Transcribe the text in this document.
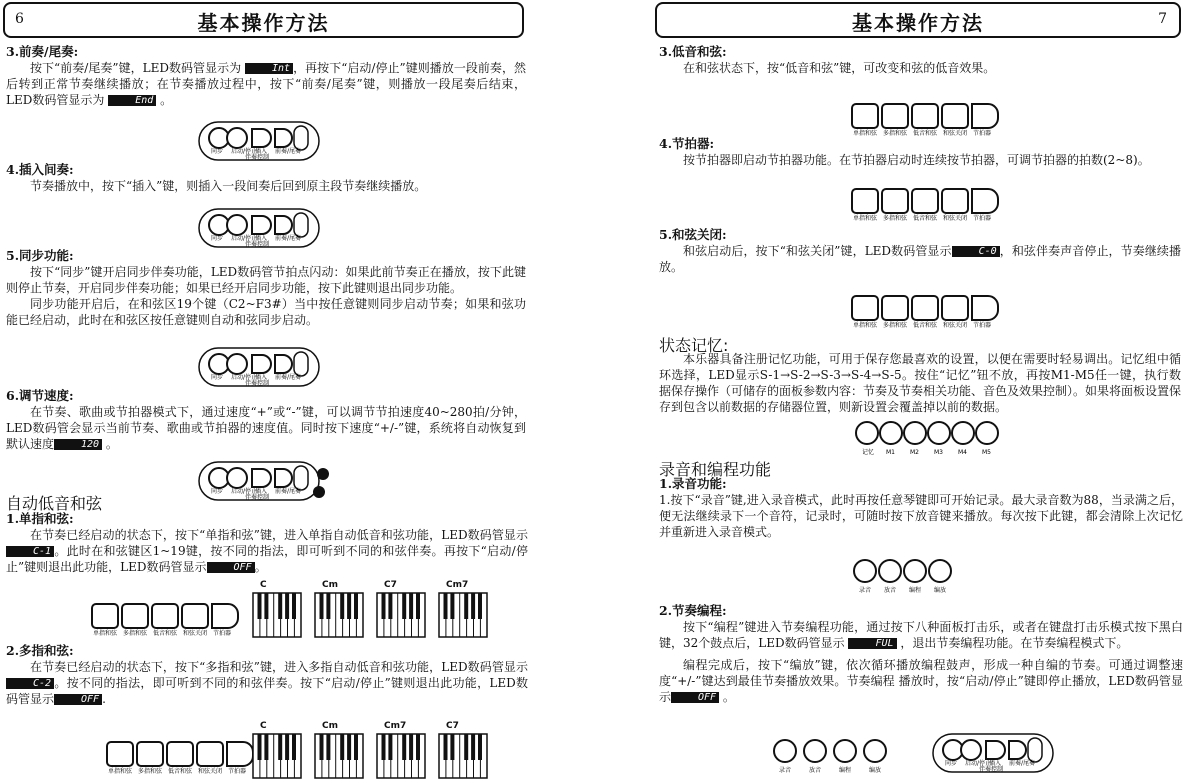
6	基本操作方法
3.前奏/尾奏:

按下“前奏/尾奏”键，LED数码管显示为	Int ，再按下“启动/停止”键则播放一段前奏，然后转到正常节奏继续播放；在节奏播放过程中，按下“前奏/尾奏”键，则播放一段尾奏后结束，LED数码管显示为	End 。

同步 启动/停止
插入 前奏/尾奏
伴奏控制
4.插入间奏:

节奏播放中，按下“插入”键，则插入一段间奏后回到原主段节奏继续播放。

同步 启动/停止
插入 前奏/尾奏
伴奏控制
5.同步功能:

按下“同步”键开启同步伴奏功能，LED数码管节拍点闪动：如果此前节奏正在播放，按下此键则停止节奏，开启同步伴奏功能；如果已经开启同步功能，按下此键则退出同步功能。

同步功能开启后，在和弦区19个键（C2~F3#）当中按任意键则同步启动节奏；如果和弦功能已经启动，此时在和弦区按任意键则自动和弦同步启动。

同步 启动/停止
插入 前奏/尾奏
伴奏控制
6.调节速度:

在节奏、歌曲或节拍器模式下，通过速度“+”或“-”键，可以调节节拍速度40~280拍/分钟，LED数码管会显示当前节奏、歌曲或节拍器的速度值。同时按下速度“+/-”键，系统将自动恢复到默认速度	120 。

同步 启动/停止
插入 前奏/尾奏
伴奏控制
自动低音和弦
1.单指和弦:

在节奏已经启动的状态下，按下“单指和弦”键，进入单指自动低音和弦功能，LED数码管显示C-1 。此时在和弦键区1~19键，按不同的指法，即可听到不同的和弦伴奏。再按下“启动/停止”键则退出此功能，LED数码管显示	OFF 。

单指和弦 多指和弦 低音和弦 和弦关闭 节拍器
C	Cm	C7	Cm7
2.多指和弦:

在节奏已经启动的状态下，按下“多指和弦”键，进入多指自动低音和弦功能，LED数码管显示C-2 。按不同的指法，即可听到不同的和弦伴奏。按下“启动/停止”键则退出此功能，LED数码管显示	OFF .

单指和弦 多指和弦 低音和弦 和弦关闭 节拍器
C	Cm	Cm7	C7
基本操作方法	7
3.低音和弦:

在和弦状态下，按“低音和弦”键，可改变和弦的低音效果。

单指和弦 多指和弦 低音和弦 和弦关闭 节拍器
4.节拍器:

按节拍器即启动节拍器功能。在节拍器启动时连续按节拍器，可调节拍器的拍数(2~8)。

单指和弦 多指和弦 低音和弦 和弦关闭 节拍器
5.和弦关闭:

和弦启动后，按下“和弦关闭”键，LED数码管显示	C-0 ，和弦伴奏声音停止，节奏继续播放。

单指和弦 多指和弦 低音和弦 和弦关闭 节拍器
状态记忆:

本乐器具备注册记忆功能，可用于保存您最喜欢的设置，以便在需要时轻易调出。记忆组中循环选择，LED显示S-1→S-2→S-3→S-4→S-5。按住“记忆”钮不放，再按M1-M5任一键，执行数据保存操作（可储存的面板参数内容：节奏及节奏相关功能、音色及效果控制）。如果将面板设置保存到包含以前数据的存储器位置，则新设置会覆盖掉以前的数据。

记忆 M1	M2	M3	M4	M5
录音和编程功能
1.录音功能:

1.按下“录音”键,进入录音模式，此时再按任意琴键即可开始记录。最大录音数为88，当录满之后，便无法继续录下一个音符，记录时，可随时按下放音键来播放。每次按下此键，都会清除上次记忆并重新进入录音模式。

录音 放音 编程 编放
2.节奏编程:

按下“编程”键进入节奏编程功能，通过按下八种面板打击乐，或者在键盘打击乐模式按下黑白键，32个鼓点后，LED数码管显示	FUL ，退出节奏编程功能。在节奏编程模式下。

编程完成后，按下“编放”键，依次循环播放编程鼓声，形成一种自编的节奏。可通过调整速度“+/-”键达到最佳节奏播放效果。节奏编程 播放时，按“启动/停止”键即停止播放，LED数码管显示	OFF 。

录音	放音	编程	编放
同步 启动/停止
插入 前奏/尾奏
伴奏控制
